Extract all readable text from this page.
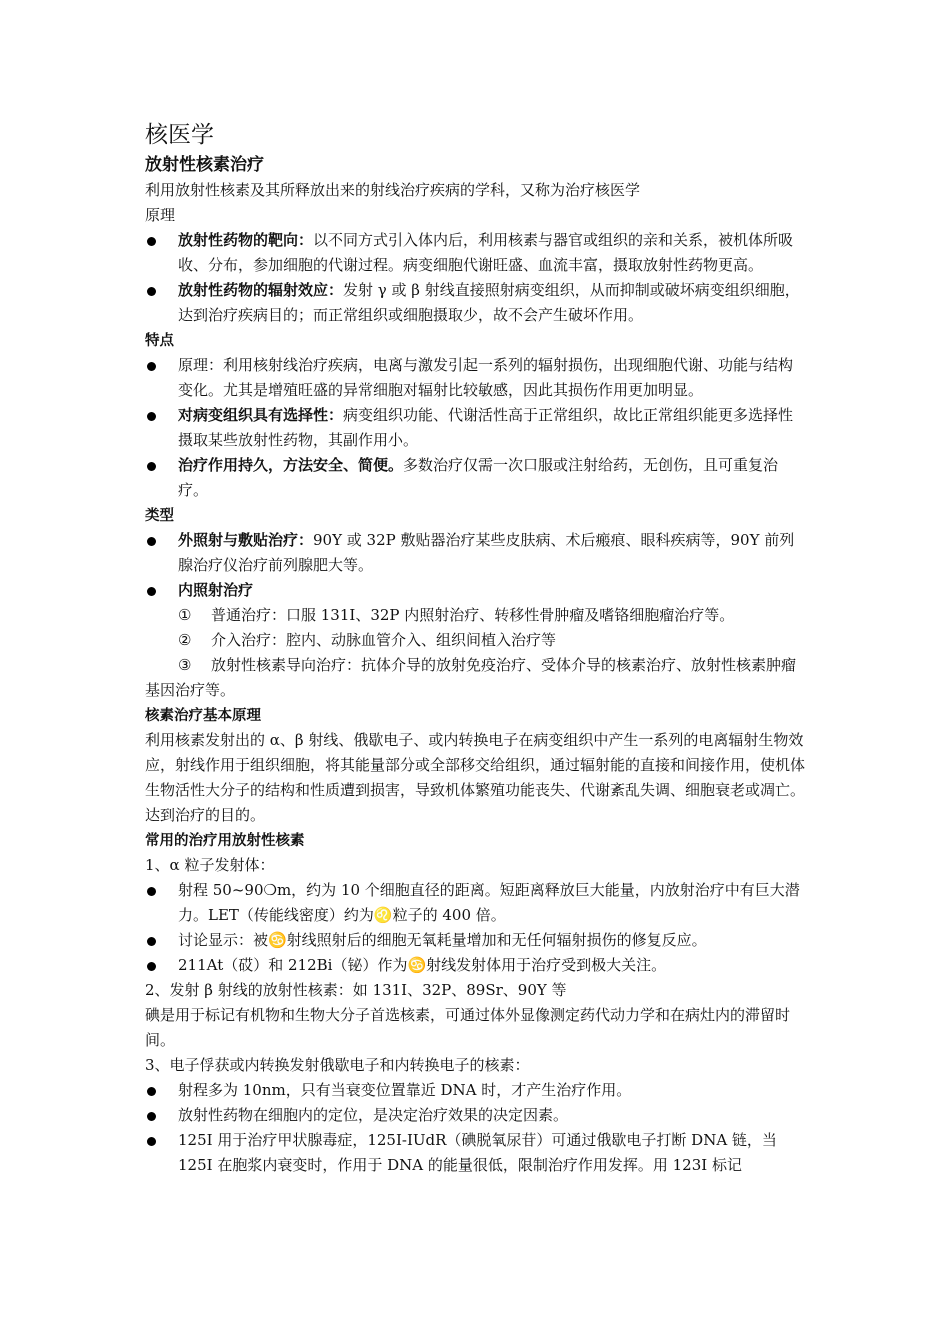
核医学
放射性核素治疗

利用放射性核素及其所释放出来的射线治疗疾病的学科，又称为治疗核医学

原理

放射性药物的靶向：以不同方式引入体内后，利用核素与器官或组织的亲和关系，被机体所吸收、分布，参加细胞的代谢过程。病变细胞代谢旺盛、血流丰富，摄取放射性药物更高。
放射性药物的辐射效应：发射 γ 或 β 射线直接照射病变组织，从而抑制或破坏病变组织细胞，达到治疗疾病目的；而正常组织或细胞摄取少，故不会产生破坏作用。
特点
原理：利用核射线治疗疾病，电离与激发引起一系列的辐射损伤，出现细胞代谢、功能与结构变化。尤其是增殖旺盛的异常细胞对辐射比较敏感，因此其损伤作用更加明显。
对病变组织具有选择性：病变组织功能、代谢活性高于正常组织，故比正常组织能更多选择性摄取某些放射性药物，其副作用小。
治疗作用持久，方法安全、简便。多数治疗仅需一次口服或注射给药，无创伤，且可重复治疗。
类型
外照射与敷贴治疗：90Y 或 32P 敷贴器治疗某些皮肤病、术后瘢痕、眼科疾病等，90Y 前列腺治疗仪治疗前列腺肥大等。
内照射治疗
① 普通治疗：口服 131I、32P 内照射治疗、转移性骨肿瘤及嗜铬细胞瘤治疗等。
② 介入治疗：腔内、动脉血管介入、组织间植入治疗等
③ 放射性核素导向治疗：抗体介导的放射免疫治疗、受体介导的核素治疗、放射性核素肿瘤基因治疗等。
核素治疗基本原理

利用核素发射出的 α、β 射线、俄歇电子、或内转换电子在病变组织中产生一系列的电离辐射生物效应，射线作用于组织细胞，将其能量部分或全部移交给组织，通过辐射能的直接和间接作用，使机体生物活性大分子的结构和性质遭到损害，导致机体繁殖功能丧失、代谢紊乱失调、细胞衰老或凋亡。达到治疗的目的。

常用的治疗用放射性核素

1、α 粒子发射体：

射程 50~90❍m，约为 10 个细胞直径的距离。短距离释放巨大能量，内放射治疗中有巨大潜力。LET（传能线密度）约为♌粒子的 400 倍。
讨论显示：被♋射线照射后的细胞无氧耗量增加和无任何辐射损伤的修复反应。
211At（砹）和 212Bi（铋）作为♋射线发射体用于治疗受到极大关注。

2、发射 β 射线的放射性核素：如 131I、32P、89Sr、90Y 等

碘是用于标记有机物和生物大分子首选核素，可通过体外显像测定药代动力学和在病灶内的滞留时间。

3、电子俘获或内转换发射俄歇电子和内转换电子的核素：

射程多为 10nm，只有当衰变位置靠近 DNA 时，才产生治疗作用。
放射性药物在细胞内的定位，是决定治疗效果的决定因素。
125I 用于治疗甲状腺毒症，125I-IUdR（碘脱氧尿苷）可通过俄歇电子打断 DNA 链，当 125I 在胞浆内衰变时，作用于 DNA 的能量很低，限制治疗作用发挥。用 123I 标记
